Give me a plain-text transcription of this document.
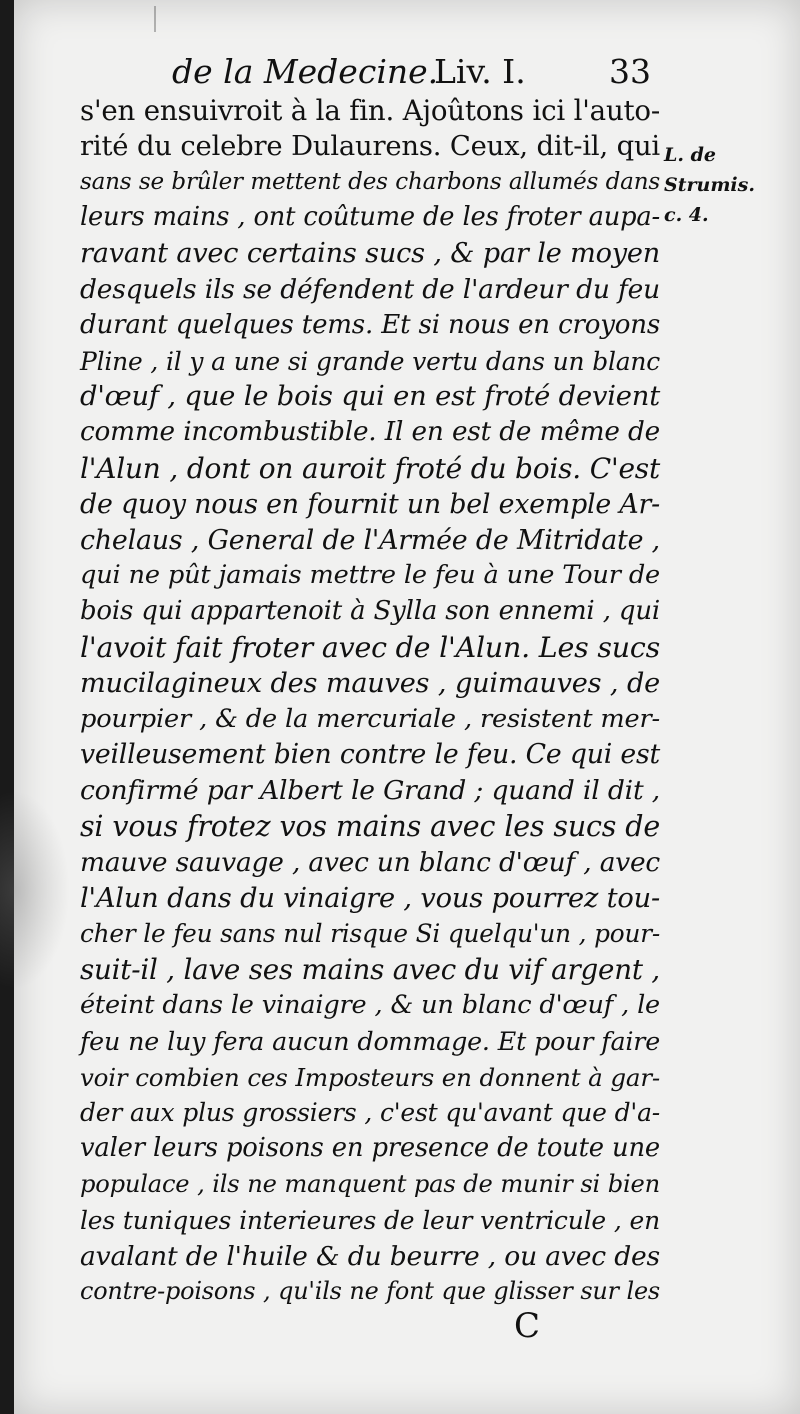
de la Medecine.
Liv. I.	33
L. de
Strumis.
c. 4.
s'en ensuivroit à la fin. Ajoûtons ici l'auto-
rité du celebre Dulaurens. Ceux, dit-il, qui
sans se brûler mettent des charbons allumés dans
leurs mains , ont coûtume de les froter aupa-
ravant avec certains sucs , & par le moyen
desquels ils se défendent de l'ardeur du feu
durant quelques tems. Et si nous en croyons
Pline , il y a une si grande vertu dans un blanc
d'œuf , que le bois qui en est froté devient
comme incombustible. Il en est de même de
l'Alun , dont on auroit froté du bois. C'est
de quoy nous en fournit un bel exemple Ar-
chelaus , General de l'Armée de Mitridate ,
qui ne pût jamais mettre le feu à une Tour de
bois qui appartenoit à Sylla son ennemi , qui
l'avoit fait froter avec de l'Alun. Les sucs
mucilagineux des mauves , guimauves , de
pourpier , & de la mercuriale , resistent mer-
veilleusement bien contre le feu. Ce qui est
confirmé par Albert le Grand ; quand il dit ,
si vous frotez vos mains avec les sucs de
mauve sauvage , avec un blanc d'œuf , avec
l'Alun dans du vinaigre , vous pourrez tou-
cher le feu sans nul risque Si quelqu'un , pour-
suit-il , lave ses mains avec du vif argent ,
éteint dans le vinaigre , & un blanc d'œuf , le
feu ne luy fera aucun dommage. Et pour faire
voir combien ces Imposteurs en donnent à gar-
der aux plus grossiers , c'est qu'avant que d'a-
valer leurs poisons en presence de toute une
populace , ils ne manquent pas de munir si bien
les tuniques interieures de leur ventricule , en
avalant de l'huile & du beurre , ou avec des
contre-poisons , qu'ils ne font que glisser sur les
C
